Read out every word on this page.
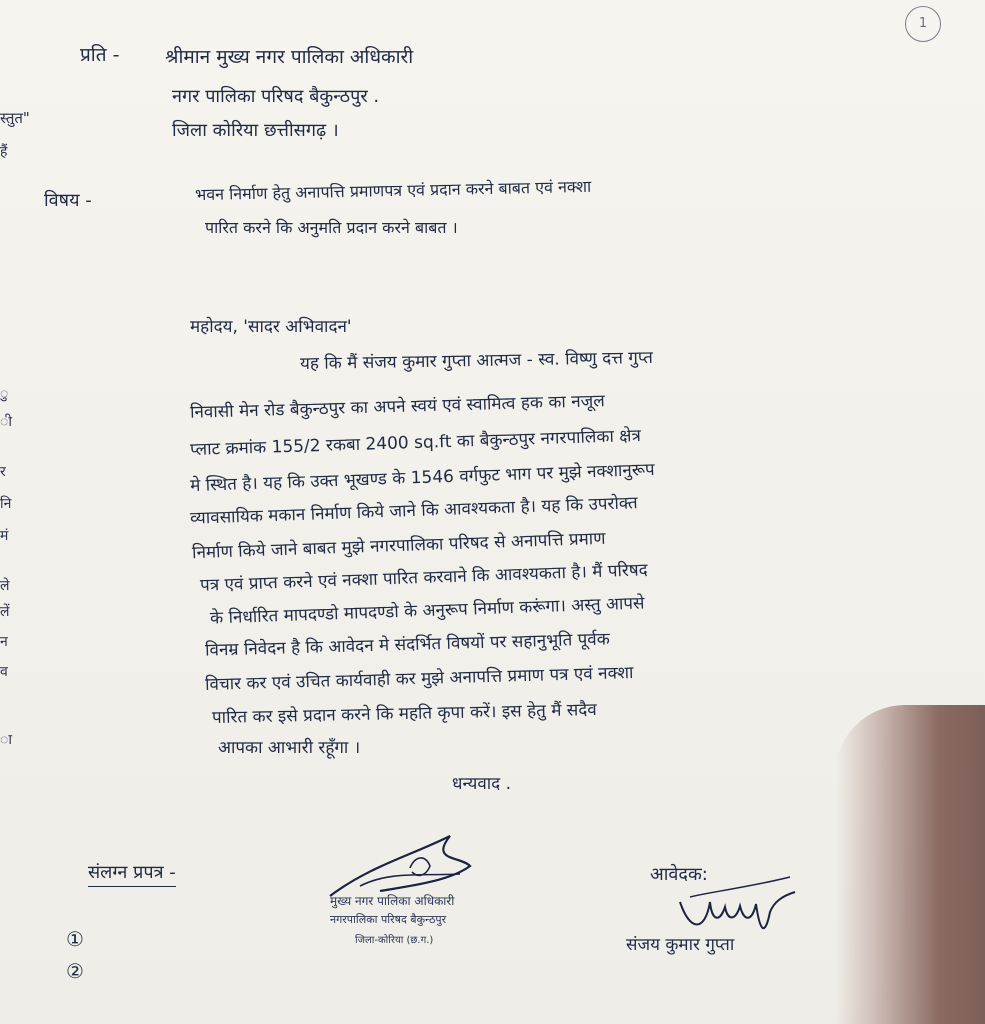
1
स्तुत"
हैं
नि
मं
ले
लें
न
व
ा
र
ी
ु
प्रति - श्रीमान मुख्य नगर पालिका अधिकारी
नगर पालिका परिषद बैकुन्ठपुर .
जिला कोरिया छत्तीसगढ़ ।
विषय -	भवन निर्माण हेतु अनापत्ति प्रमाणपत्र एवं प्रदान करने बाबत एवं नक्शा
पारित करने कि अनुमति प्रदान करने बाबत ।
महोदय, 'सादर अभिवादन'
यह कि मैं संजय कुमार गुप्ता आत्मज - स्व. विष्णु दत्त गुप्त
निवासी मेन रोड बैकुन्ठपुर का अपने स्वयं एवं स्वामित्व हक का नजूल
प्लाट क्रमांक 155/2 रकबा 2400 sq.ft का बैकुन्ठपुर नगरपालिका क्षेत्र
मे स्थित है। यह कि उक्त भूखण्ड के 1546 वर्गफुट भाग पर मुझे नक्शानुरूप
व्यावसायिक मकान निर्माण किये जाने कि आवश्यकता है। यह कि उपरोक्त
निर्माण किये जाने बाबत मुझे नगरपालिका परिषद से अनापत्ति प्रमाण
पत्र एवं प्राप्त करने एवं नक्शा पारित करवाने कि आवश्यकता है। मैं परिषद
के निर्धारित मापदण्डो मापदण्डो के अनुरूप निर्माण करूंगा। अस्तु आपसे
विनम्र निवेदन है कि आवेदन मे संदर्भित विषयों पर सहानुभूति पूर्वक
विचार कर एवं उचित कार्यवाही कर मुझे अनापत्ति प्रमाण पत्र एवं नक्शा
पारित कर इसे प्रदान करने कि महति कृपा करें। इस हेतु मैं सदैव
आपका आभारी रहूँगा ।
धन्यवाद .
संलग्न प्रपत्र -
①
②
मुख्य नगर पालिका अधिकारी
नगरपालिका परिषद बैकुन्ठपुर
जिला-कोरिया (छ.ग.)
आवेदक:
संजय कुमार गुप्ता
